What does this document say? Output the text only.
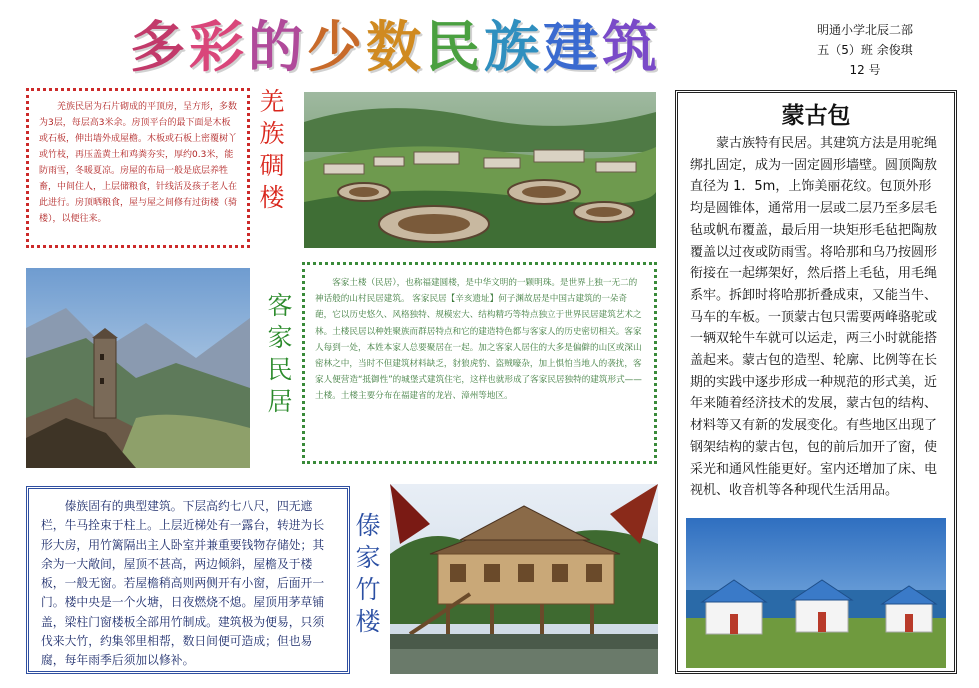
多彩的少数民族建筑	明通小学北辰二部
五（5）班 余俊琪
12 号

羌族民居为石片砌成的平顶房，呈方形，多数为3层，每层高3米余。房顶平台的最下面是木板或石板，伸出墙外成屋檐。木板或石板上密覆树丫或竹枝，再压盖黄土和鸡粪夯实，厚约0.3米，能防雨雪，冬暖夏凉。房屋的布局一般是底层养牲畜，中间住人，上层储粮食，针线活及孩子老人在此进行。房顶晒粮食，屋与屋之间修有过街楼（骑楼），以便往来。

羌
族
碉
楼
客
家
民
居

客家土楼（民居），也称福建圆楼，是中华文明的一颗明珠。是世界上独一无二的神话般的山村民居建筑。 客家民居【辛亥遗址】何子渊故居是中国古建筑的一朵奇葩，它以历史悠久、风格独特、规模宏大、结构精巧等特点独立于世界民居建筑艺术之林。土楼民居以种姓聚族而群居特点和它的建造特色都与客家人的历史密切相关。客家人每到一处，本姓本家人总要聚居在一起。加之客家人居住的大多是偏僻的山区或深山密林之中，当时不但建筑材料缺乏，豺狼虎豹、盗贼嚎杂，加上惧怕当地人的袭扰，客家人便营造“抵御性”的城堡式建筑住宅，这样也就形成了客家民居独特的建筑形式——土楼。土楼主要分布在福建省的龙岩、漳州等地区。

蒙古包

蒙古族特有民居。其建筑方法是用驼绳绑扎固定，成为一固定圆形墙壁。圆顶陶敖直径为 1．5m，上饰美丽花纹。包顶外形均是圆锥体，通常用一层或二层乃至多层毛毡或帆布覆盖，最后用一块矩形毛毡把陶敖覆盖以过夜或防雨雪。将哈那和乌乃按圆形衔接在一起绑架好，然后搭上毛毡，用毛绳系牢。拆卸时将哈那折叠成束，又能当牛、马车的车板。一顶蒙古包只需要两峰骆驼或一辆双轮牛车就可以运走，两三小时就能搭盖起来。蒙古包的造型、轮廓、比例等在长期的实践中逐步形成一种规范的形式美，近年来随着经济技术的发展，蒙古包的结构、材料等又有新的发展变化。有些地区出现了钢架结构的蒙古包，包的前后加开了窗，使采光和通风性能更好。室内还增加了床、电视机、收音机等各种现代生活用品。

傣族固有的典型建筑。下层高约七八尺，四无遮栏，牛马拴束于柱上。上层近梯处有一露台，转进为长形大房，用竹篱隔出主人卧室并兼重要钱物存储处；其余为一大敞间，屋顶不甚高，两边倾斜，屋檐及于楼板，一般无窗。若屋檐稍高则两侧开有小窗，后面开一门。楼中央是一个火塘，日夜燃烧不熄。屋顶用茅草铺盖，梁柱门窗楼板全部用竹制成。建筑极为便易，只须伐来大竹，约集邻里相帮，数日间便可造成；但也易腐，每年雨季后须加以修补。

傣
家
竹
楼
